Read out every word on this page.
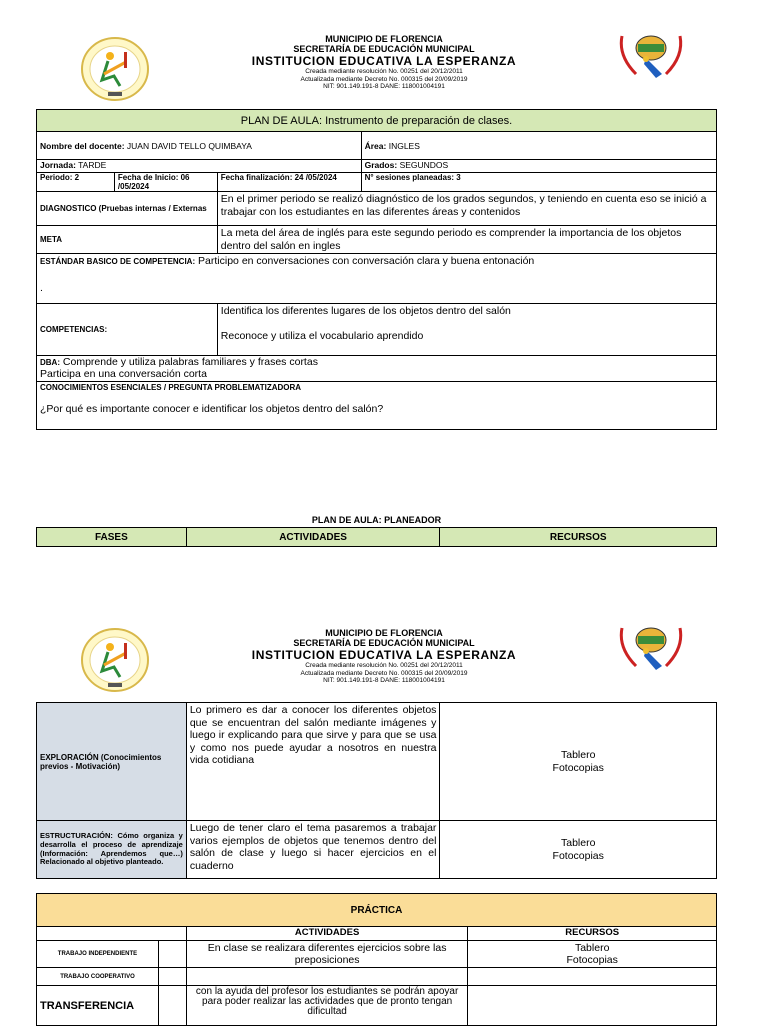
MUNICIPIO DE FLORENCIA
SECRETARÍA DE EDUCACIÓN MUNICIPAL
INSTITUCION EDUCATIVA LA ESPERANZA
Creada mediante resolución No. 00251 del 20/12/2011
Actualizada mediante Decreto No. 000315 del 20/09/2019
NIT: 901.149.191-8 DANE: 118001004191
PLAN DE AULA: Instrumento de preparación de clases.			
Nombre del docente: JUAN DAVID TELLO QUIMBAYA			Área: INGLES
Jornada: TARDE			Grados: SEGUNDOS
Periodo: 2	Fecha de Inicio: 06 /05/2024	Fecha finalización: 24 /05/2024	N° sesiones planeadas: 3
DIAGNOSTICO (Pruebas internas / Externas		En el primer periodo se realizó diagnóstico de los grados segundos, y teniendo en cuenta eso se inició a trabajar con los estudiantes en las diferentes áreas y contenidos	
META		La meta del área de inglés para este segundo periodo es comprender la importancia de los objetos dentro del salón en ingles	
ESTÁNDAR BASICO DE COMPETENCIA: Participo en conversaciones con conversación clara y buena entonación
.			

COMPETENCIAS:		Identifica los diferentes lugares de los objetos dentro del salón
Reconoce y utiliza el vocabulario aprendido	

DBA: Comprende y utiliza palabras familiares y frases cortas
Participa en una conversación corta			

CONOCIMIENTOS ESENCIALES / PREGUNTA PROBLEMATIZADORA
¿Por qué es importante conocer e identificar los objetos dentro del salón?			
PLAN DE AULA: PLANEADOR
FASES	ACTIVIDADES	RECURSOS
MUNICIPIO DE FLORENCIA
SECRETARÍA DE EDUCACIÓN MUNICIPAL
INSTITUCION EDUCATIVA LA ESPERANZA
Creada mediante resolución No. 00251 del 20/12/2011
Actualizada mediante Decreto No. 000315 del 20/09/2019
NIT: 901.149.191-8 DANE: 118001004191
EXPLORACIÓN (Conocimientos previos - Motivación)	Lo primero es dar a conocer los diferentes objetos que se encuentran del salón mediante imágenes y luego ir explicando para que sirve y para que se usa y como nos puede ayudar a nosotros en nuestra vida cotidiana	Tablero
Fotocopias

ESTRUCTURACIÓN: Cómo organiza y desarrolla el proceso de aprendizaje (Información: Aprendemos que…) Relacionado al objetivo planteado.	Luego de tener claro el tema pasaremos a trabajar varios ejemplos de objetos que tenemos dentro del salón de clase y luego si hacer ejercicios en el cuaderno	Tablero
Fotocopias
PRÁCTICA			
		ACTIVIDADES	RECURSOS
TRABAJO INDEPENDIENTE		En clase se realizara diferentes ejercicios sobre las preposiciones	Tablero
Fotocopias

TRABAJO COOPERATIVO			
TRANSFERENCIA		con la ayuda del profesor los estudiantes se podrán apoyar para poder realizar las actividades que de pronto tengan dificultad	
